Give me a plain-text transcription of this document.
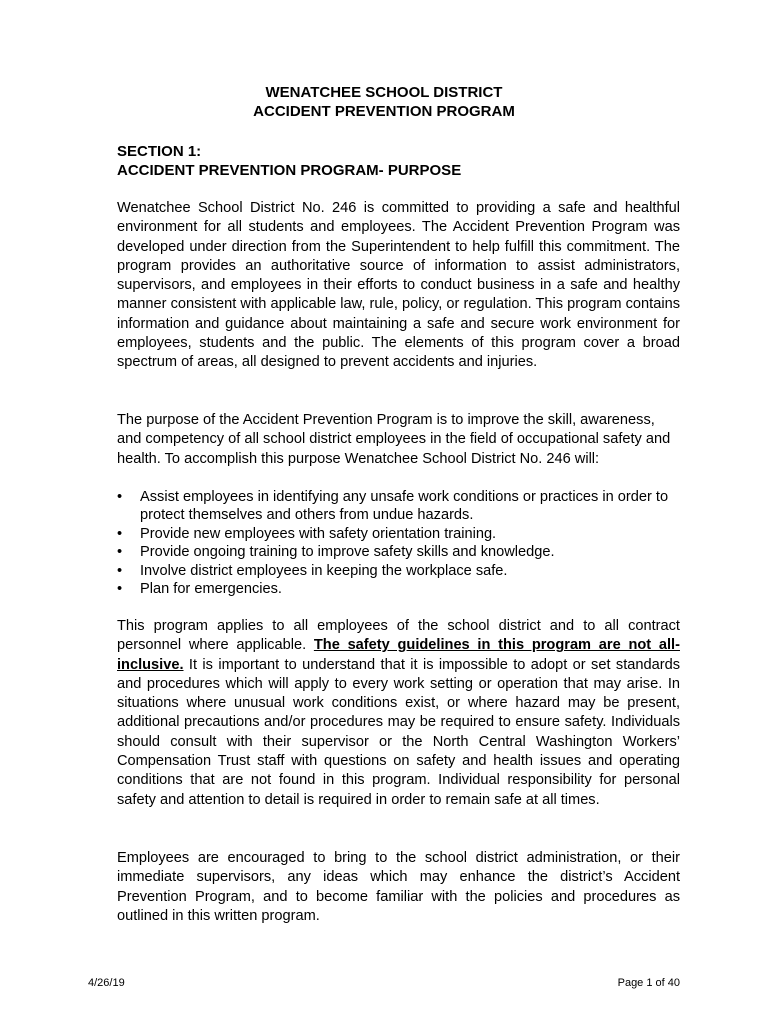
WENATCHEE SCHOOL DISTRICT
ACCIDENT PREVENTION PROGRAM
SECTION 1:
ACCIDENT PREVENTION PROGRAM- PURPOSE

Wenatchee School District No. 246 is committed to providing a safe and healthful environment for all students and employees. The Accident Prevention Program was developed under direction from the Superintendent to help fulfill this commitment. The program provides an authoritative source of information to assist administrators, supervisors, and employees in their efforts to conduct business in a safe and healthy manner consistent with applicable law, rule, policy, or regulation. This program contains information and guidance about maintaining a safe and secure work environment for employees, students and the public. The elements of this program cover a broad spectrum of areas, all designed to prevent accidents and injuries.

The purpose of the Accident Prevention Program is to improve the skill, awareness, and competency of all school district employees in the field of occupational safety and health. To accomplish this purpose Wenatchee School District No. 246 will:

• Assist employees in identifying any unsafe work conditions or practices in order to protect themselves and others from undue hazards.
• Provide new employees with safety orientation training.
• Provide ongoing training to improve safety skills and knowledge.
• Involve district employees in keeping the workplace safe.
• Plan for emergencies.

This program applies to all employees of the school district and to all contract personnel where applicable. The safety guidelines in this program are not all-inclusive. It is important to understand that it is impossible to adopt or set standards and procedures which will apply to every work setting or operation that may arise. In situations where unusual work conditions exist, or where hazard may be present, additional precautions and/or procedures may be required to ensure safety. Individuals should consult with their supervisor or the North Central Washington Workers’ Compensation Trust staff with questions on safety and health issues and operating conditions that are not found in this program. Individual responsibility for personal safety and attention to detail is required in order to remain safe at all times.

Employees are encouraged to bring to the school district administration, or their immediate supervisors, any ideas which may enhance the district’s Accident Prevention Program, and to become familiar with the policies and procedures as outlined in this written program.

4/26/19	Page 1 of 40
